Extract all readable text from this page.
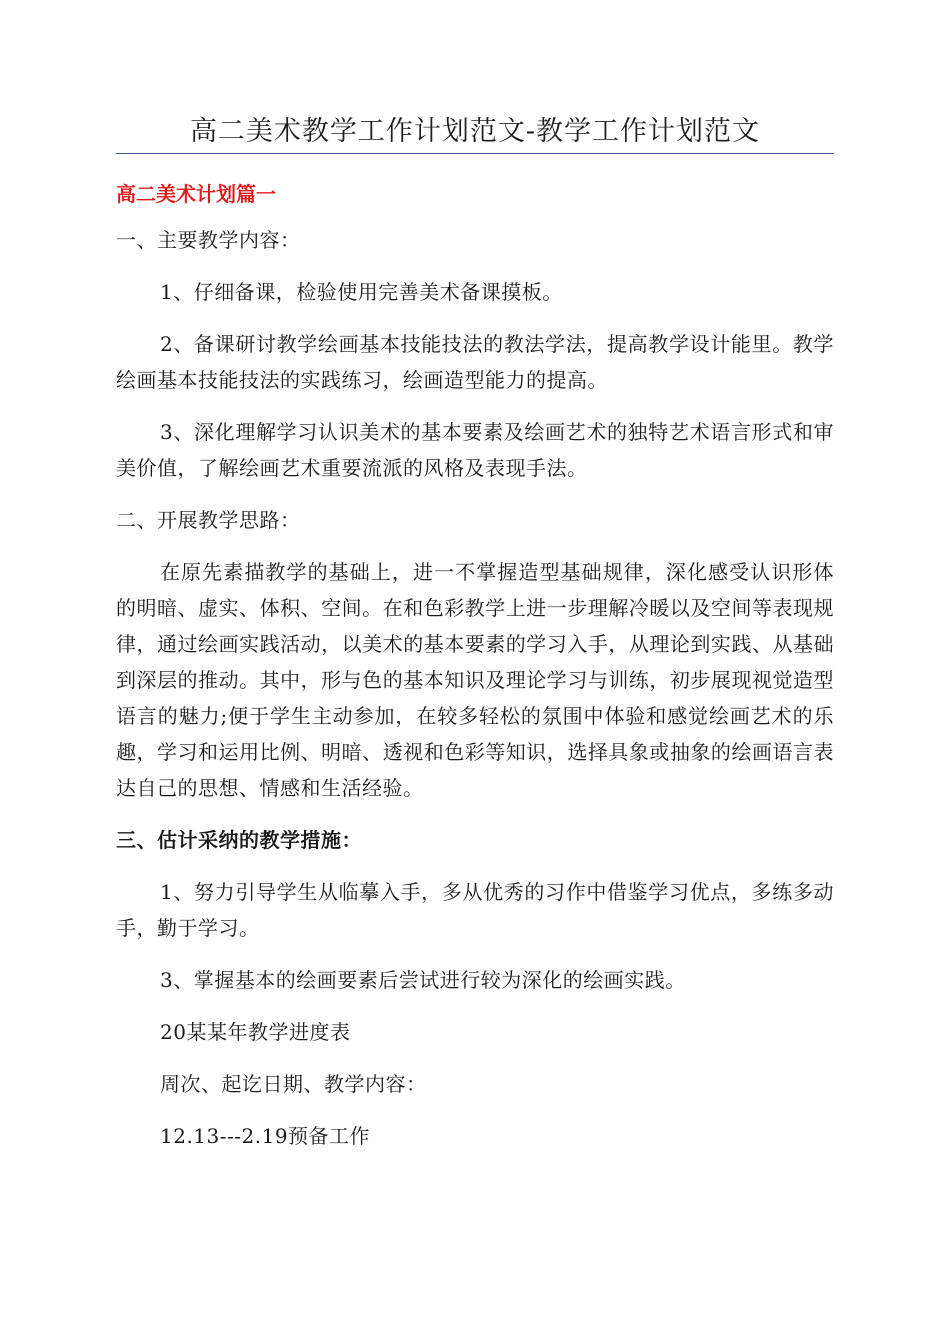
高二美术教学工作计划范文-教学工作计划范文
高二美术计划篇一

一、主要教学内容：

1、仔细备课，检验使用完善美术备课摸板。

2、备课研讨教学绘画基本技能技法的教法学法，提高教学设计能里。教学绘画基本技能技法的实践练习，绘画造型能力的提高。

3、深化理解学习认识美术的基本要素及绘画艺术的独特艺术语言形式和审美价值，了解绘画艺术重要流派的风格及表现手法。

二、开展教学思路：

在原先素描教学的基础上，进一不掌握造型基础规律，深化感受认识形体的明暗、虚实、体积、空间。在和色彩教学上进一步理解冷暖以及空间等表现规律，通过绘画实践活动，以美术的基本要素的学习入手，从理论到实践、从基础到深层的推动。其中，形与色的基本知识及理论学习与训练，初步展现视觉造型语言的魅力;便于学生主动参加，在较多轻松的氛围中体验和感觉绘画艺术的乐趣，学习和运用比例、明暗、透视和色彩等知识，选择具象或抽象的绘画语言表达自己的思想、情感和生活经验。

三、估计采纳的教学措施：

1、努力引导学生从临摹入手，多从优秀的习作中借鉴学习优点，多练多动手，勤于学习。

3、掌握基本的绘画要素后尝试进行较为深化的绘画实践。

20某某年教学进度表

周次、起讫日期、教学内容：

12.13---2.19预备工作
